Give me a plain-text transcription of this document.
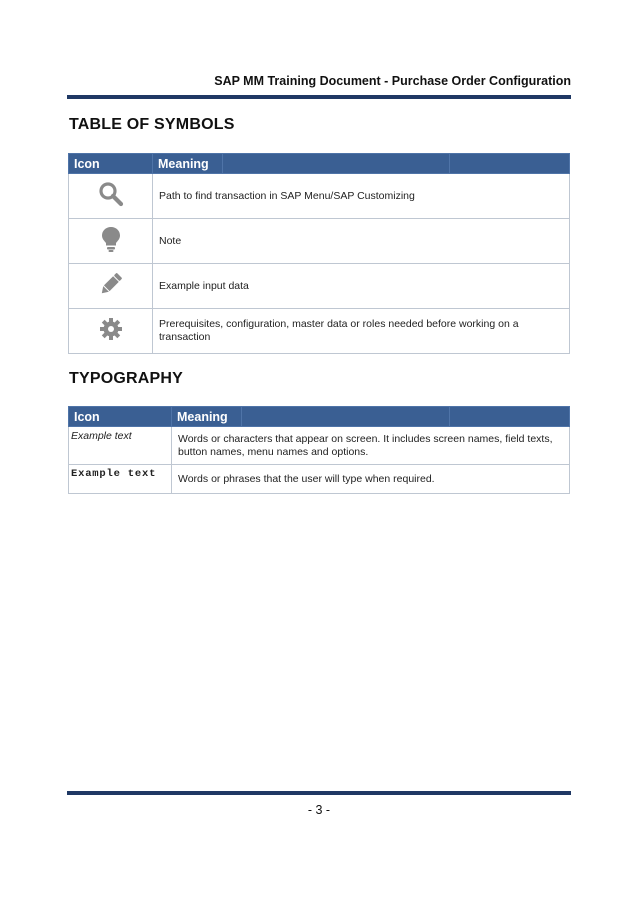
SAP MM Training Document - Purchase Order Configuration
TABLE OF SYMBOLS
Icon	Meaning		
	Path to find transaction in SAP Menu/SAP Customizing		
	Note		
	Example input data		
	Prerequisites, configuration, master data or roles needed before working on a transaction		
TYPOGRAPHY
Icon	Meaning		
Example text	Words or characters that appear on screen. It includes screen names, field texts, button names, menu names and options.		
Example text	Words or phrases that the user will type when required.		
- 3 -
